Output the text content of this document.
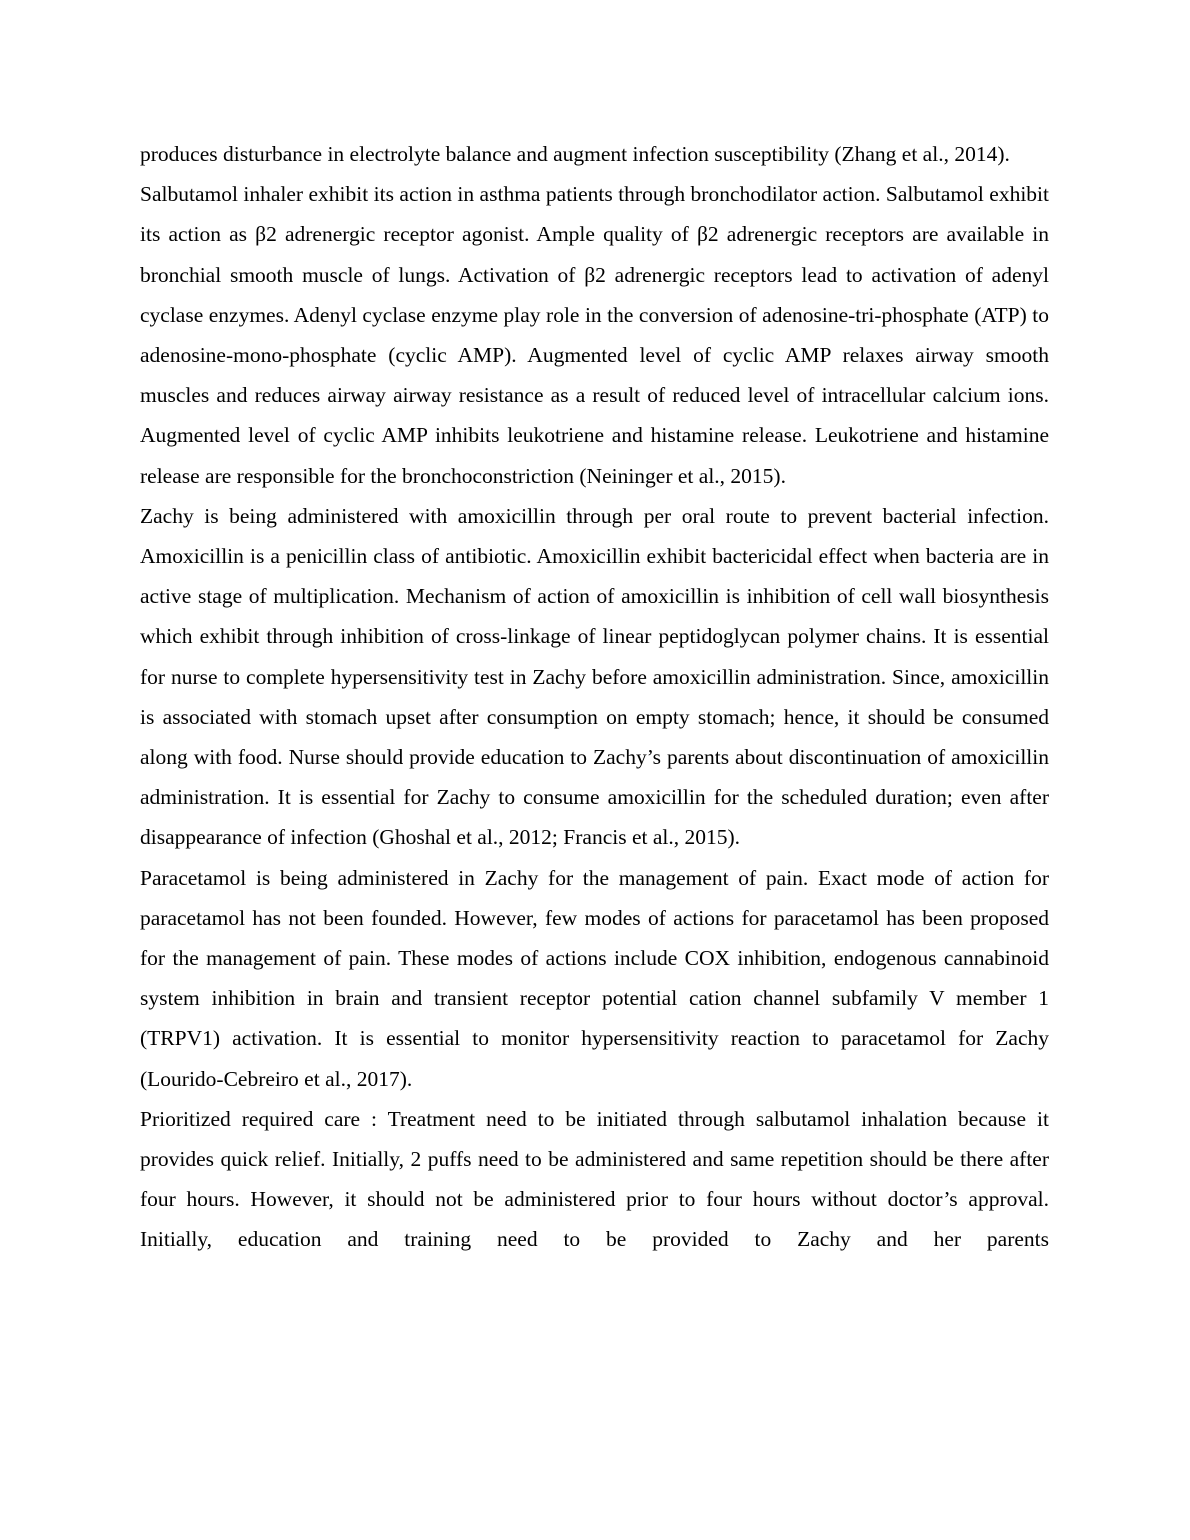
produces disturbance in electrolyte balance and augment infection susceptibility (Zhang et al., 2014).

Salbutamol inhaler exhibit its action in asthma patients through bronchodilator action. Salbutamol exhibit its action as β2 adrenergic receptor agonist. Ample quality of β2 adrenergic receptors are available in bronchial smooth muscle of lungs. Activation of β2 adrenergic receptors lead to activation of adenyl cyclase enzymes. Adenyl cyclase enzyme play role in the conversion of adenosine-tri-phosphate (ATP) to adenosine-mono-phosphate (cyclic AMP). Augmented level of cyclic AMP relaxes airway smooth muscles and reduces airway airway resistance as a result of reduced level of intracellular calcium ions. Augmented level of cyclic AMP inhibits leukotriene and histamine release. Leukotriene and histamine release are responsible for the bronchoconstriction (Neininger et al., 2015).

Zachy is being administered with amoxicillin through per oral route to prevent bacterial infection. Amoxicillin is a penicillin class of antibiotic. Amoxicillin exhibit bactericidal effect when bacteria are in active stage of multiplication. Mechanism of action of amoxicillin is inhibition of cell wall biosynthesis which exhibit through inhibition of cross-linkage of linear peptidoglycan polymer chains. It is essential for nurse to complete hypersensitivity test in Zachy before amoxicillin administration. Since, amoxicillin is associated with stomach upset after consumption on empty stomach; hence, it should be consumed along with food. Nurse should provide education to Zachy’s parents about discontinuation of amoxicillin administration. It is essential for Zachy to consume amoxicillin for the scheduled duration; even after disappearance of infection (Ghoshal et al., 2012; Francis et al., 2015).

Paracetamol is being administered in Zachy for the management of pain. Exact mode of action for paracetamol has not been founded. However, few modes of actions for paracetamol has been proposed for the management of pain. These modes of actions include COX inhibition, endogenous cannabinoid system inhibition in brain and transient receptor potential cation channel subfamily V member 1 (TRPV1) activation. It is essential to monitor hypersensitivity reaction to paracetamol for Zachy (Lourido-Cebreiro et al., 2017).

Prioritized required care : Treatment need to be initiated through salbutamol inhalation because it provides quick relief. Initially, 2 puffs need to be administered and same repetition should be there after four hours. However, it should not be administered prior to four hours without doctor’s approval. Initially, education and training need to be provided to Zachy and her parents
